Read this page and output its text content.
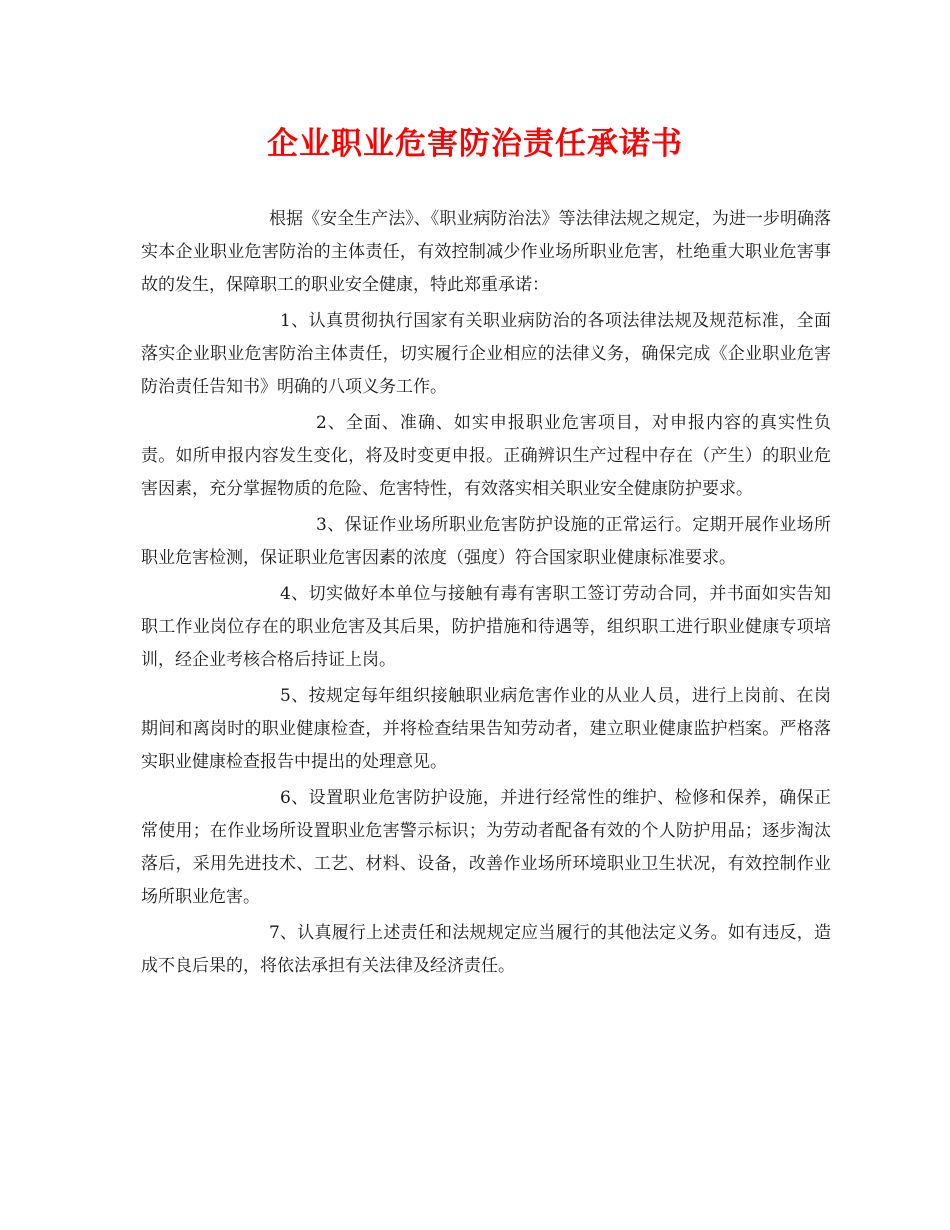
企业职业危害防治责任承诺书

根据《安全生产法》、《职业病防治法》等法律法规之规定，为进一步明确落实本企业职业危害防治的主体责任，有效控制减少作业场所职业危害，杜绝重大职业危害事故的发生，保障职工的职业安全健康，特此郑重承诺：

1、认真贯彻执行国家有关职业病防治的各项法律法规及规范标准，全面落实企业职业危害防治主体责任，切实履行企业相应的法律义务，确保完成《企业职业危害防治责任告知书》明确的八项义务工作。

2、全面、准确、如实申报职业危害项目，对申报内容的真实性负责。如所申报内容发生变化，将及时变更申报。正确辨识生产过程中存在（产生）的职业危害因素，充分掌握物质的危险、危害特性，有效落实相关职业安全健康防护要求。

3、保证作业场所职业危害防护设施的正常运行。定期开展作业场所职业危害检测，保证职业危害因素的浓度（强度）符合国家职业健康标准要求。

4、切实做好本单位与接触有毒有害职工签订劳动合同，并书面如实告知职工作业岗位存在的职业危害及其后果，防护措施和待遇等，组织职工进行职业健康专项培训，经企业考核合格后持证上岗。

5、按规定每年组织接触职业病危害作业的从业人员，进行上岗前、在岗期间和离岗时的职业健康检查，并将检查结果告知劳动者，建立职业健康监护档案。严格落实职业健康检查报告中提出的处理意见。

6、设置职业危害防护设施，并进行经常性的维护、检修和保养，确保正常使用；在作业场所设置职业危害警示标识；为劳动者配备有效的个人防护用品；逐步淘汰落后，采用先进技术、工艺、材料、设备，改善作业场所环境职业卫生状况，有效控制作业场所职业危害。

7、认真履行上述责任和法规规定应当履行的其他法定义务。如有违反，造成不良后果的，将依法承担有关法律及经济责任。
